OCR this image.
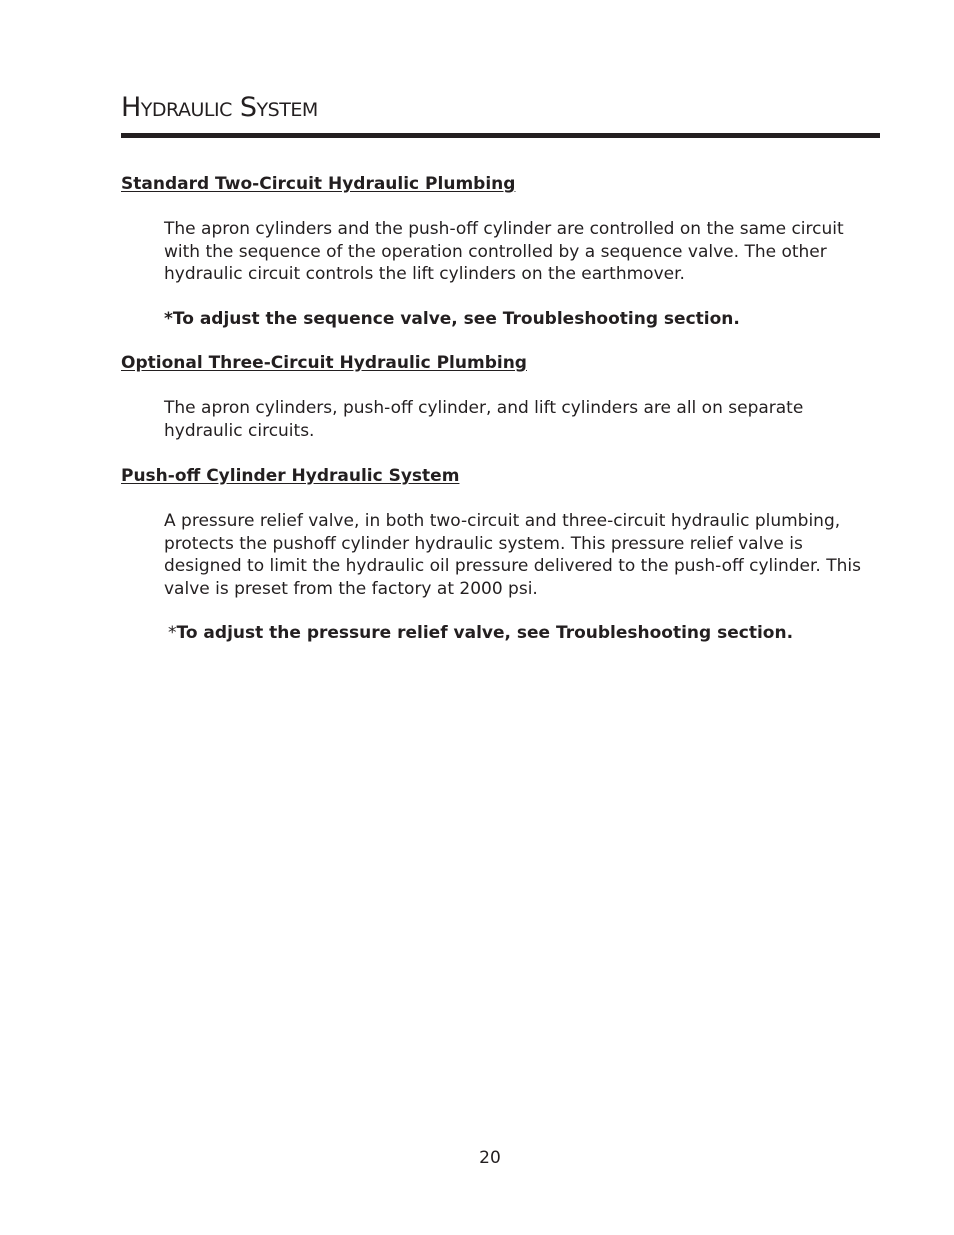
Hydraulic System
Standard Two-Circuit Hydraulic Plumbing

The apron cylinders and the push-off cylinder are controlled on the same circuit with the sequence of the operation controlled by a sequence valve. The other hydraulic circuit controls the lift cylinders on the earthmover.

*To adjust the sequence valve, see Troubleshooting section.

Optional Three-Circuit Hydraulic Plumbing

The apron cylinders, push-off cylinder, and lift cylinders are all on separate hydraulic circuits.

Push-off Cylinder Hydraulic System

A pressure relief valve, in both two-circuit and three-circuit hydraulic plumbing, protects the pushoff cylinder hydraulic system. This pressure relief valve is designed to limit the hydraulic oil pressure delivered to the push-off cylinder. This valve is preset from the factory at 2000 psi.

*To adjust the pressure relief valve, see Troubleshooting section.

20
